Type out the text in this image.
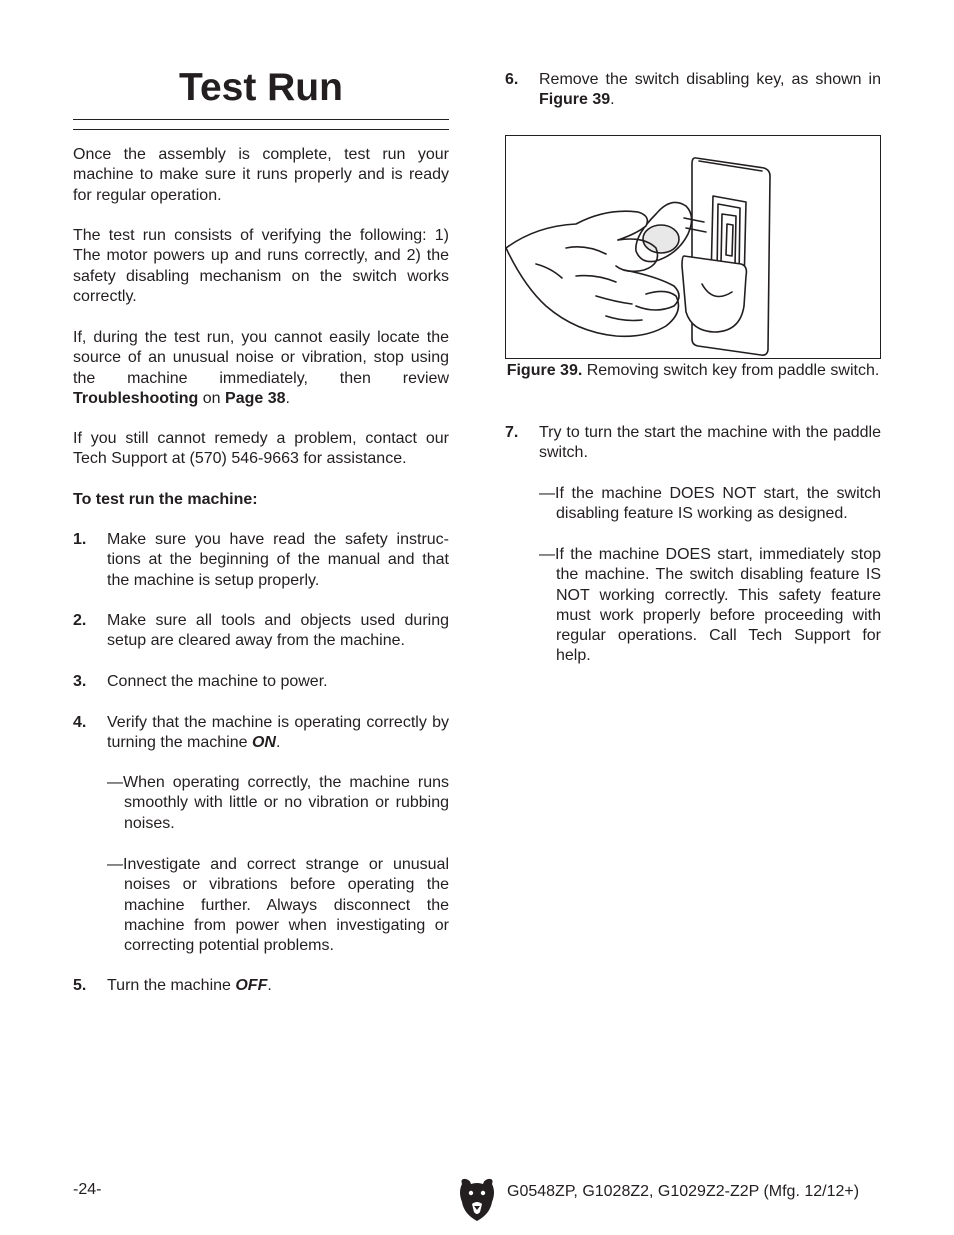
Test Run

Once the assembly is complete, test run your machine to make sure it runs properly and is ready for regular operation.

The test run consists of verifying the following: 1) The motor powers up and runs correctly, and 2) the safety disabling mechanism on the switch works correctly.

If, during the test run, you cannot easily locate the source of an unusual noise or vibration, stop using the machine immediately, then review Troubleshooting on Page 38.

If you still cannot remedy a problem, contact our Tech Support at (570) 546-9663 for assistance.

To test run the machine:

1. Make sure you have read the safety instruc-tions at the beginning of the manual and that the machine is setup properly.
2. Make sure all tools and objects used during setup are cleared away from the machine.
3. Connect the machine to power.
4. Verify that the machine is operating correctly by turning the machine ON.
—When operating correctly, the machine runs smoothly with little or no vibration or rubbing noises.
—Investigate and correct strange or unusual noises or vibrations before operating the machine further. Always disconnect the machine from power when investigating or correcting potential problems.
5. Turn the machine OFF.
6. Remove the switch disabling key, as shown in Figure 39.
7. Try to turn the start the machine with the paddle switch.
—If the machine DOES NOT start, the switch disabling feature IS working as designed.
—If the machine DOES start, immediately stop the machine. The switch disabling feature IS NOT working correctly. This safety feature must work properly before proceeding with regular operations. Call Tech Support for help.
Figure 39. Removing switch key from paddle switch.
-24-	G0548ZP, G1028Z2, G1029Z2-Z2P (Mfg. 12/12+)
